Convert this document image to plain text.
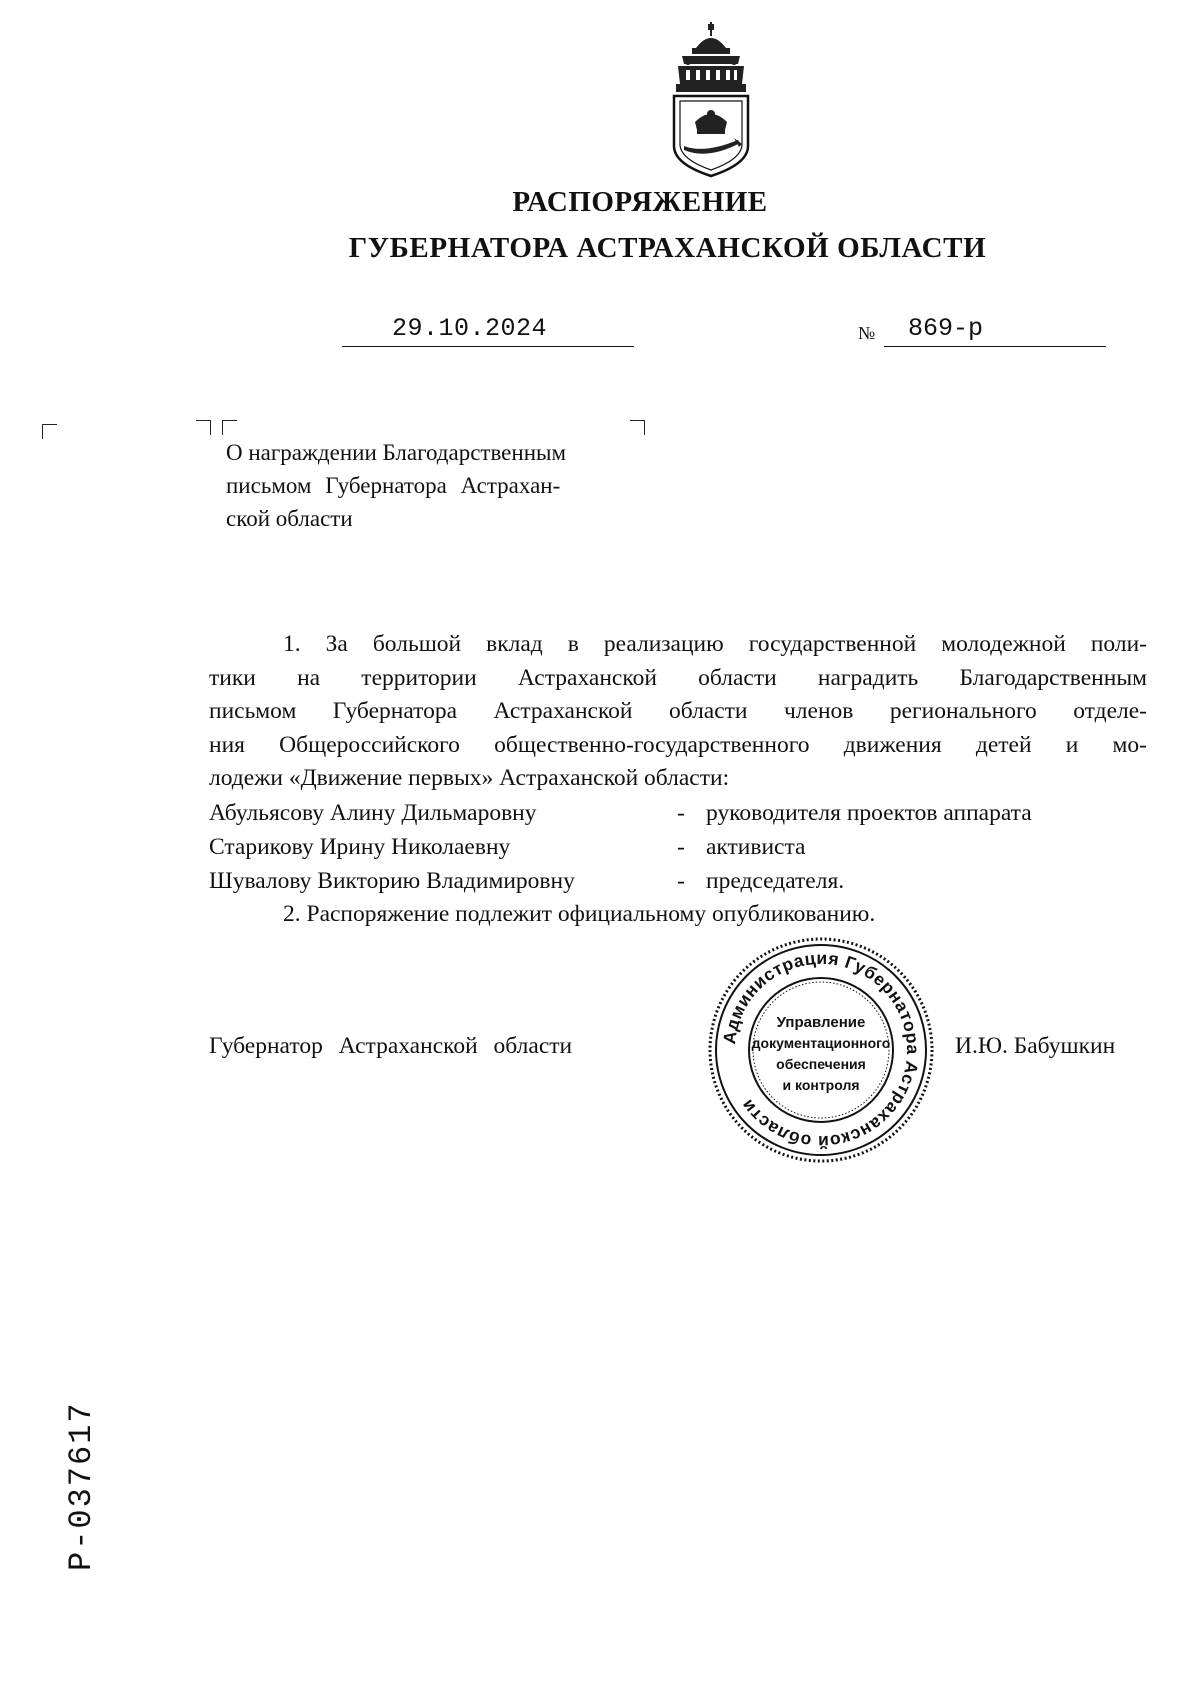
РАСПОРЯЖЕНИЕ
ГУБЕРНАТОРА АСТРАХАНСКОЙ ОБЛАСТИ
29.10.2024	№ 869-р
О награждении Благодарственным
письмом Губернатора Астрахан-
ской области
1. За большой вклад в реализацию государственной молодежной поли-
тики на территории Астраханской области наградить Благодарственным
письмом Губернатора Астраханской области членов регионального отделе-
ния Общероссийского общественно-государственного движения детей и мо-
лодежи «Движение первых» Астраханской области:
Абульясову Алину Дильмаровну	- руководителя проектов аппарата
Старикову Ирину Николаевну	- активиста
Шувалову Викторию Владимировну	- председателя.
2. Распоряжение подлежит официальному опубликованию.
Губернатор Астраханской области	И.Ю. Бабушкин
Администрация Губернатора Астраханской области
Управление
документационного
обеспечения
и контроля
Р-037617
